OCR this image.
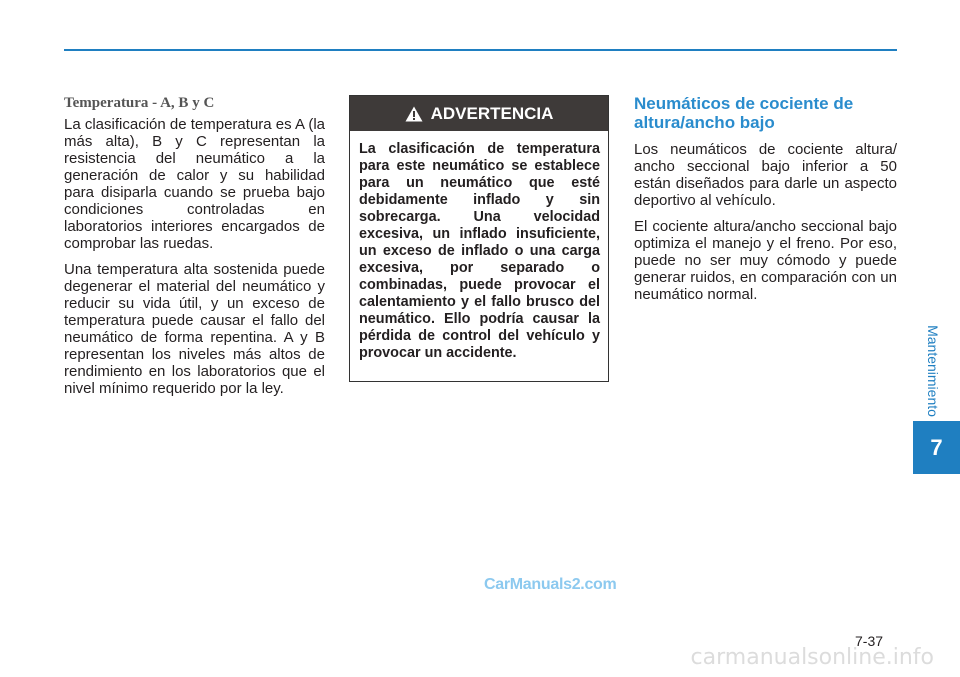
Temperatura - A, B y C

La clasificación de temperatura es A (la más alta), B y C representan la resistencia del neumático a la generación de calor y su habilidad para disiparla cuando se prueba bajo condiciones controladas en laboratorios interiores encargados de comprobar las ruedas.

Una temperatura alta sostenida puede degenerar el material del neumático y reducir su vida útil, y un exceso de temperatura puede causar el fallo del neumático de forma repentina. A y B representan los niveles más altos de rendimiento en los laboratorios que el nivel mínimo requerido por la ley.

ADVERTENCIA
La clasificación de temperatura para este neumático se establece para un neumático que esté debidamente inflado y sin sobrecarga. Una velocidad excesiva, un inflado insuficiente, un exceso de inflado o una carga excesiva, por separado o combinadas, puede provocar el calentamiento y el fallo brusco del neumático. Ello podría causar la pérdida de control del vehículo y provocar un accidente.
Neumáticos de cociente de altura/ancho bajo

Los neumáticos de cociente altura/ ancho seccional bajo inferior a 50 están diseñados para darle un aspecto deportivo al vehículo.

El cociente altura/ancho seccional bajo optimiza el manejo y el freno. Por eso, puede no ser muy cómodo y puede generar ruidos, en comparación con un neumático normal.

Mantenimiento
7
7-37
CarManuals2.com
carmanualsonline.info
